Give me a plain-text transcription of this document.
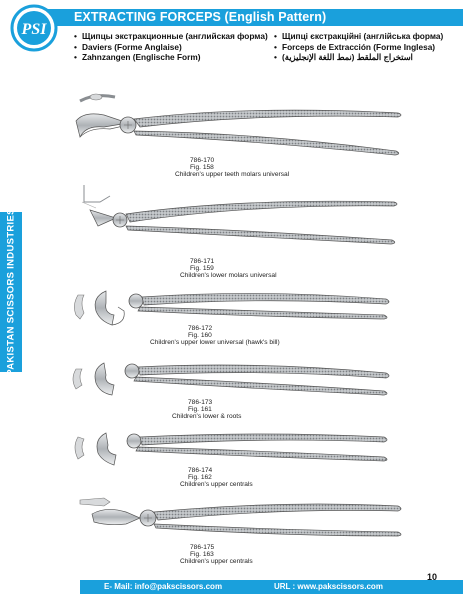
PSI
EXTRACTING FORCEPS (English Pattern)
• Щипцы экстракционные (английская форма) • Щипці єкстракційні (англійська форма)
• Daviers (Forme Anglaise)	• Forceps de Extracción (Forme Inglesa)
• Zahnzangen (Englische Form)	• استخراج الملقط (نمط اللغة الإنجليزية)
PAKISTAN SCISSORS INDUSTRIES
786-170
Fig. 158
Children's upper teeth molars universal
786-171
Fig. 159
Children's lower molars universal
786-172
Fig. 160
Children's upper lower universal (hawk's bill)
786-173
Fig. 161
Children's lower & roots
786-174
Fig. 162
Children's upper centrals
786-175
Fig. 163
Children's upper centrals
E- Mail: info@pakscissors.com	URL : www.pakscissors.com
10
